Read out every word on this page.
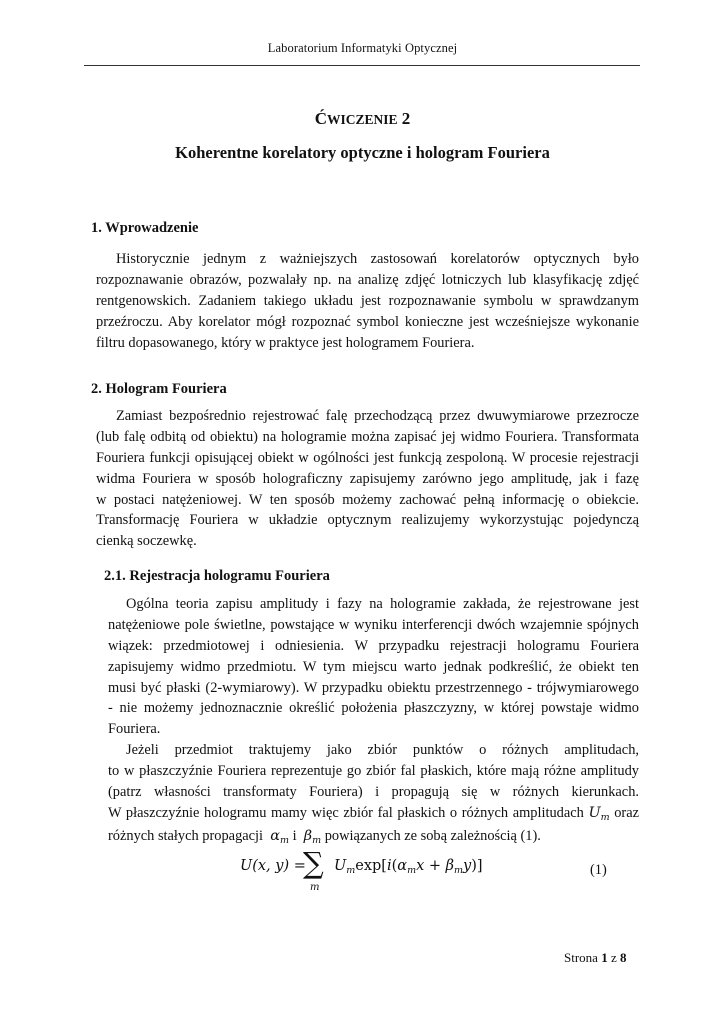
Laboratorium Informatyki Optycznej
ĆWICZENIE 2
Koherentne korelatory optyczne i hologram Fouriera
1. Wprowadzenie
Historycznie jednym z ważniejszych zastosowań korelatorów optycznych było
rozpoznawanie obrazów, pozwalały np. na analizę zdjęć lotniczych lub klasyfikację zdjęć
rentgenowskich. Zadaniem takiego układu jest rozpoznawanie symbolu w sprawdzanym
przeźroczu. Aby korelator mógł rozpoznać symbol konieczne jest wcześniejsze wykonanie
filtru dopasowanego, który w praktyce jest hologramem Fouriera.
2. Hologram Fouriera
Zamiast bezpośrednio rejestrować falę przechodzącą przez dwuwymiarowe przezrocze
(lub falę odbitą od obiektu) na hologramie można zapisać jej widmo Fouriera. Transformata
Fouriera funkcji opisującej obiekt w ogólności jest funkcją zespoloną. W procesie rejestracji
widma Fouriera w sposób holograficzny zapisujemy zarówno jego amplitudę, jak i fazę
w postaci natężeniowej. W ten sposób możemy zachować pełną informację o obiekcie.
Transformację Fouriera w układzie optycznym realizujemy wykorzystując pojedynczą
cienką soczewkę.
2.1. Rejestracja hologramu Fouriera
Ogólna teoria zapisu amplitudy i fazy na hologramie zakłada, że rejestrowane jest
natężeniowe pole świetlne, powstające w wyniku interferencji dwóch wzajemnie spójnych
wiązek: przedmiotowej i odniesienia. W przypadku rejestracji hologramu Fouriera
zapisujemy widmo przedmiotu. W tym miejscu warto jednak podkreślić, że obiekt ten
musi być płaski (2-wymiarowy). W przypadku obiektu przestrzennego - trójwymiarowego
- nie możemy jednoznacznie określić położenia płaszczyzny, w której powstaje widmo
Fouriera.
Jeżeli przedmiot traktujemy jako zbiór punktów o różnych amplitudach,
to w płaszczyźnie Fouriera reprezentuje go zbiór fal płaskich, które mają różne amplitudy
(patrz własności transformaty Fouriera) i propagują się w różnych kierunkach.
W płaszczyźnie hologramu mamy więc zbiór fal płaskich o różnych amplitudach $U_m$ oraz
różnych stałych propagacji  $\alpha_m$ i  $\beta_m$ powiązanych ze sobą zależnością (1).
U(x, y) =
∑
m
$U_m\exp[i(\alpha_mx + \beta_my)]$	(1)
Strona 1 z 8
